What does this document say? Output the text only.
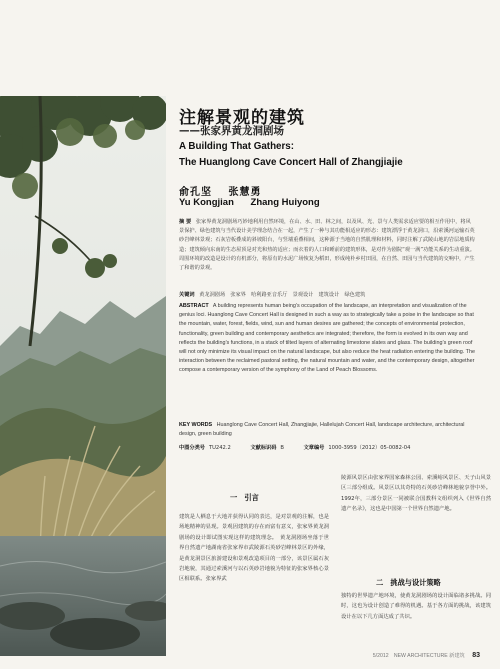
注解景观的建筑
——张家界黄龙洞剧场
A Building That Gathers:
The Huanglong Cave Concert Hall of Zhangjiajie
俞孔坚 张慧勇
Yu Kongjian Zhang Huiyong
摘 要 张家界黄龙洞剧场巧妙地利用自然环境，在山、水、田、林之间，以及风、光、景与人类需求适应要的相互作用中，将风景保护、绿色建筑与当代设计美学理念结合在一起，产生了一种与其功能相适应的形态：建筑漂浮于黄龙洞口，沿索溪河运输石英砂岩峰林景观；石灰岩板叠成的斜坡阳台，与竖墙重叠相间，这种源于当地的自然肌理和材料，同时注解了武陵山地的岩层地质构造；建筑倾向东南的生态屋顶是对光和热的适应；而衣着的人口和睡前的建筑形体，是对作为剧院“观一满”功能关系的生动重演。周围环境的改造是设计的有机部分，将原有的水泥广场恢复为稻田，形成纯朴乡村田园，在自然、田园与当代建筑的交响中，产生了和谐的景观。
关键词 黄龙洞剧场　张家界　哈利路亚音乐厅　景观设计　建筑设计　绿色建筑
ABSTRACT A building represents human being’s occupation of the landscape, an interpretation and visualization of the genius loci. Huanglong Cave Concert Hall is designed in such a way as to strategically take a poise in the landscape so that the mountain, water, forest, fields, wind, sun and human desires are gathered; the concepts of environmental protection, functionality, green building and contemporary aesthetics are integrated; therefore, the form is evolved in its own way and reflects the building’s functions, in a stack of tilted layers of alternating limestone slates and glass. The building’s green roof will not only minimize its visual impact on the natural landscape, but also reduce the heat radiation entering the building. The interaction between the reclaimed pastoral setting, the natural mountain and water, and the contemporary design, altogether compose a contemporary version of the symphony of the Land of Peach Blossoms.
KEY WORDS Huanglong Cave Concert Hall, Zhangjiajie, Hallelujah Concert Hall, landscape architecture, architectural design, green building
中图分类号 TU242.2	文献标识码 B	文章编号 1000-3959（2012）05-0082-04
一　引言
建筑是人栖息于大地并获得认同的表达，是对景观的注解，也是场地精神的显现。景观因建筑的存在而富有意义，张家界黄龙洞剧场的设计即试图实现这样的建筑理念。　黄龙洞剧场坐落于世界自然遗产地湖南省张家界市武陵源石英砂岩峰林景区的外缘，是黄龙洞景区旅游建设和景观改造项目的一部分，该景区属石灰岩地貌，其通过索溪河与以石英砂岩地貌为特征的张家界核心景区相联系。张家界武
陵源风景区由张家界国家森林公园、索溪峪风景区、天子山风景区三部分组成。风景区以其奇特的石英砂岩峰林地貌享誉中外。1992年，三部分景区一同被联合国教科文组织列入《世界自然遗产名录》，这也是中国第一个世界自然遗产地。
二　挑战与设计策略
独特的世界遗产地环境，使黄龙洞剧场的设计面临诸多挑战。同时，这也为设计创造了难得的机遇。基于各方面的挑战，该建筑设计在以下几方面达成了共识。
5/2012　NEW ARCHITECTURE 新建筑 83
